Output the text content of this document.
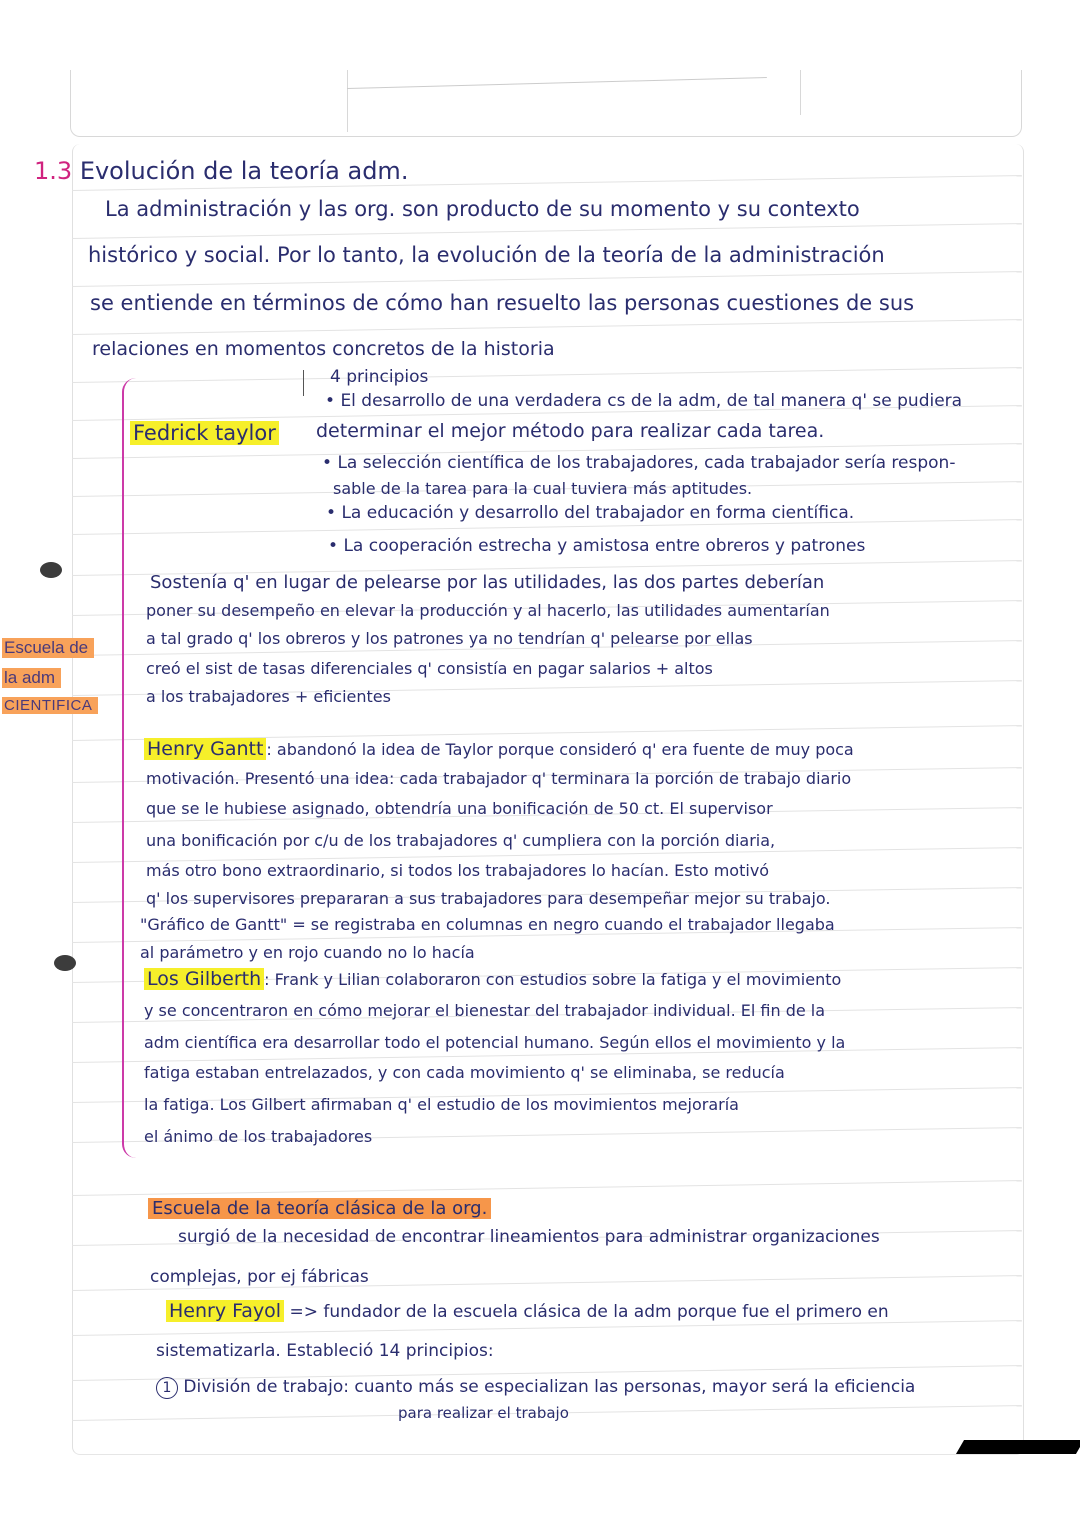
1.3 Evolución de la teoría adm.
La administración y las org. son producto de su momento y su contexto
histórico y social. Por lo tanto, la evolución de la teoría de la administración
se entiende en términos de cómo han resuelto las personas cuestiones de sus
relaciones en momentos concretos de la historia
Escuela de
la adm
CIENTIFICA
4 principios
Fedrick taylor
• El desarrollo de una verdadera cs de la adm, de tal manera q' se pudiera
determinar el mejor método para realizar cada tarea.
• La selección científica de los trabajadores, cada trabajador sería respon-
sable de la tarea para la cual tuviera más aptitudes.
• La educación y desarrollo del trabajador en forma científica.
• La cooperación estrecha y amistosa entre obreros y patrones
Sostenía q' en lugar de pelearse por las utilidades, las dos partes deberían
poner su desempeño en elevar la producción y al hacerlo, las utilidades aumentarían
a tal grado q' los obreros y los patrones ya no tendrían q' pelearse por ellas
creó el sist de tasas diferenciales q' consistía en pagar salarios + altos
a los trabajadores + eficientes
Henry Gantt : abandonó la idea de Taylor porque consideró q' era fuente de muy poca
motivación. Presentó una idea: cada trabajador q' terminara la porción de trabajo diario
que se le hubiese asignado, obtendría una bonificación de 50 ct. El supervisor
una bonificación por c/u de los trabajadores q' cumpliera con la porción diaria,
más otro bono extraordinario, si todos los trabajadores lo hacían. Esto motivó
q' los supervisores prepararan a sus trabajadores para desempeñar mejor su trabajo.
"Gráfico de Gantt" = se registraba en columnas en negro cuando el trabajador llegaba
al parámetro y en rojo cuando no lo hacía
Los Gilberth : Frank y Lilian colaboraron con estudios sobre la fatiga y el movimiento
y se concentraron en cómo mejorar el bienestar del trabajador individual. El fin de la
adm científica era desarrollar todo el potencial humano. Según ellos el movimiento y la
fatiga estaban entrelazados, y con cada movimiento q' se eliminaba, se reducía
la fatiga. Los Gilbert afirmaban q' el estudio de los movimientos mejoraría
el ánimo de los trabajadores
Escuela de la teoría clásica de la org.
surgió de la necesidad de encontrar lineamientos para administrar organizaciones
complejas, por ej fábricas
Henry Fayol => fundador de la escuela clásica de la adm porque fue el primero en
sistematizarla. Estableció 14 principios:
1 División de trabajo: cuanto más se especializan las personas, mayor será la eficiencia
para realizar el trabajo
